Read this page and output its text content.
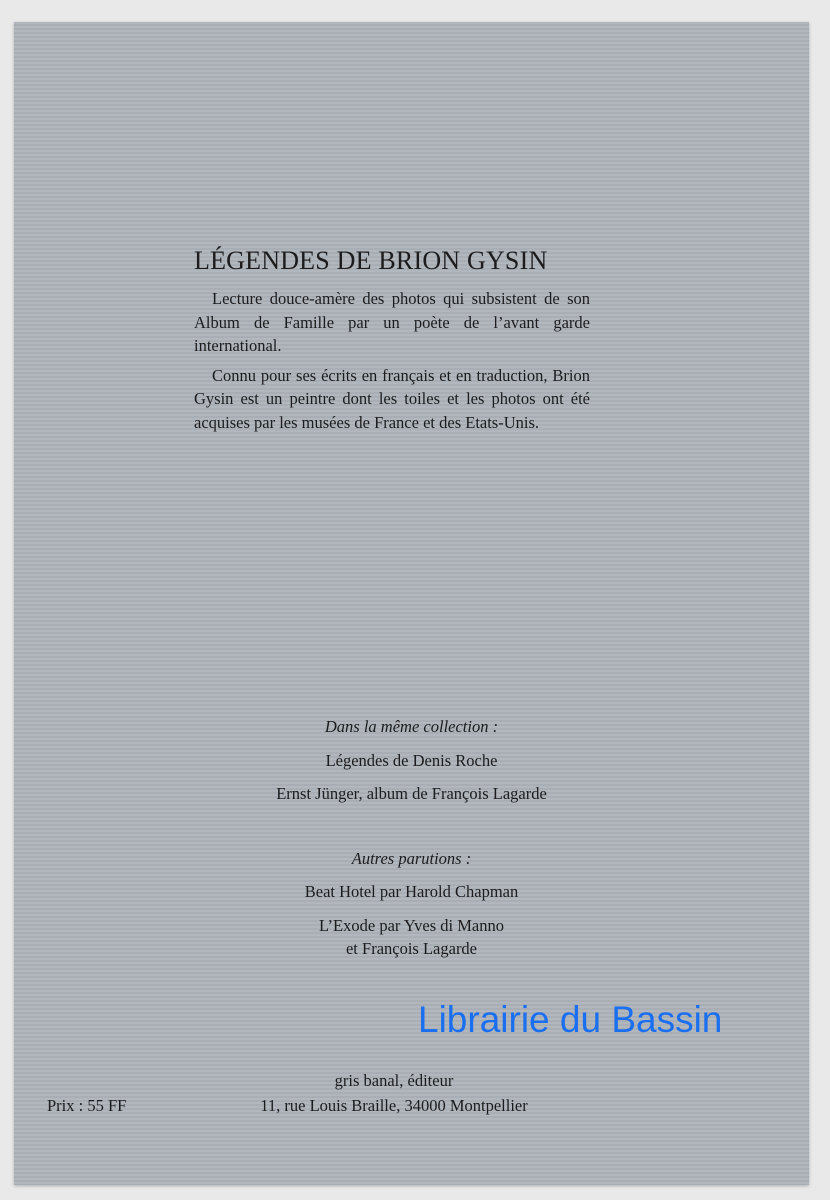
LÉGENDES DE BRION GYSIN

Lecture douce-amère des photos qui subsistent de son Album de Famille par un poète de l’avant garde international.

Connu pour ses écrits en français et en traduction, Brion Gysin est un peintre dont les toiles et les photos ont été acquises par les musées de France et des Etats-Unis.

Dans la même collection :
Légendes de Denis Roche
Ernst Jünger, album de François Lagarde
Autres parutions :
Beat Hotel par Harold Chapman
L’Exode par Yves di Manno
et François Lagarde
Librairie du Bassin
Prix : 55 FF
gris banal, éditeur
11, rue Louis Braille, 34000 Montpellier
